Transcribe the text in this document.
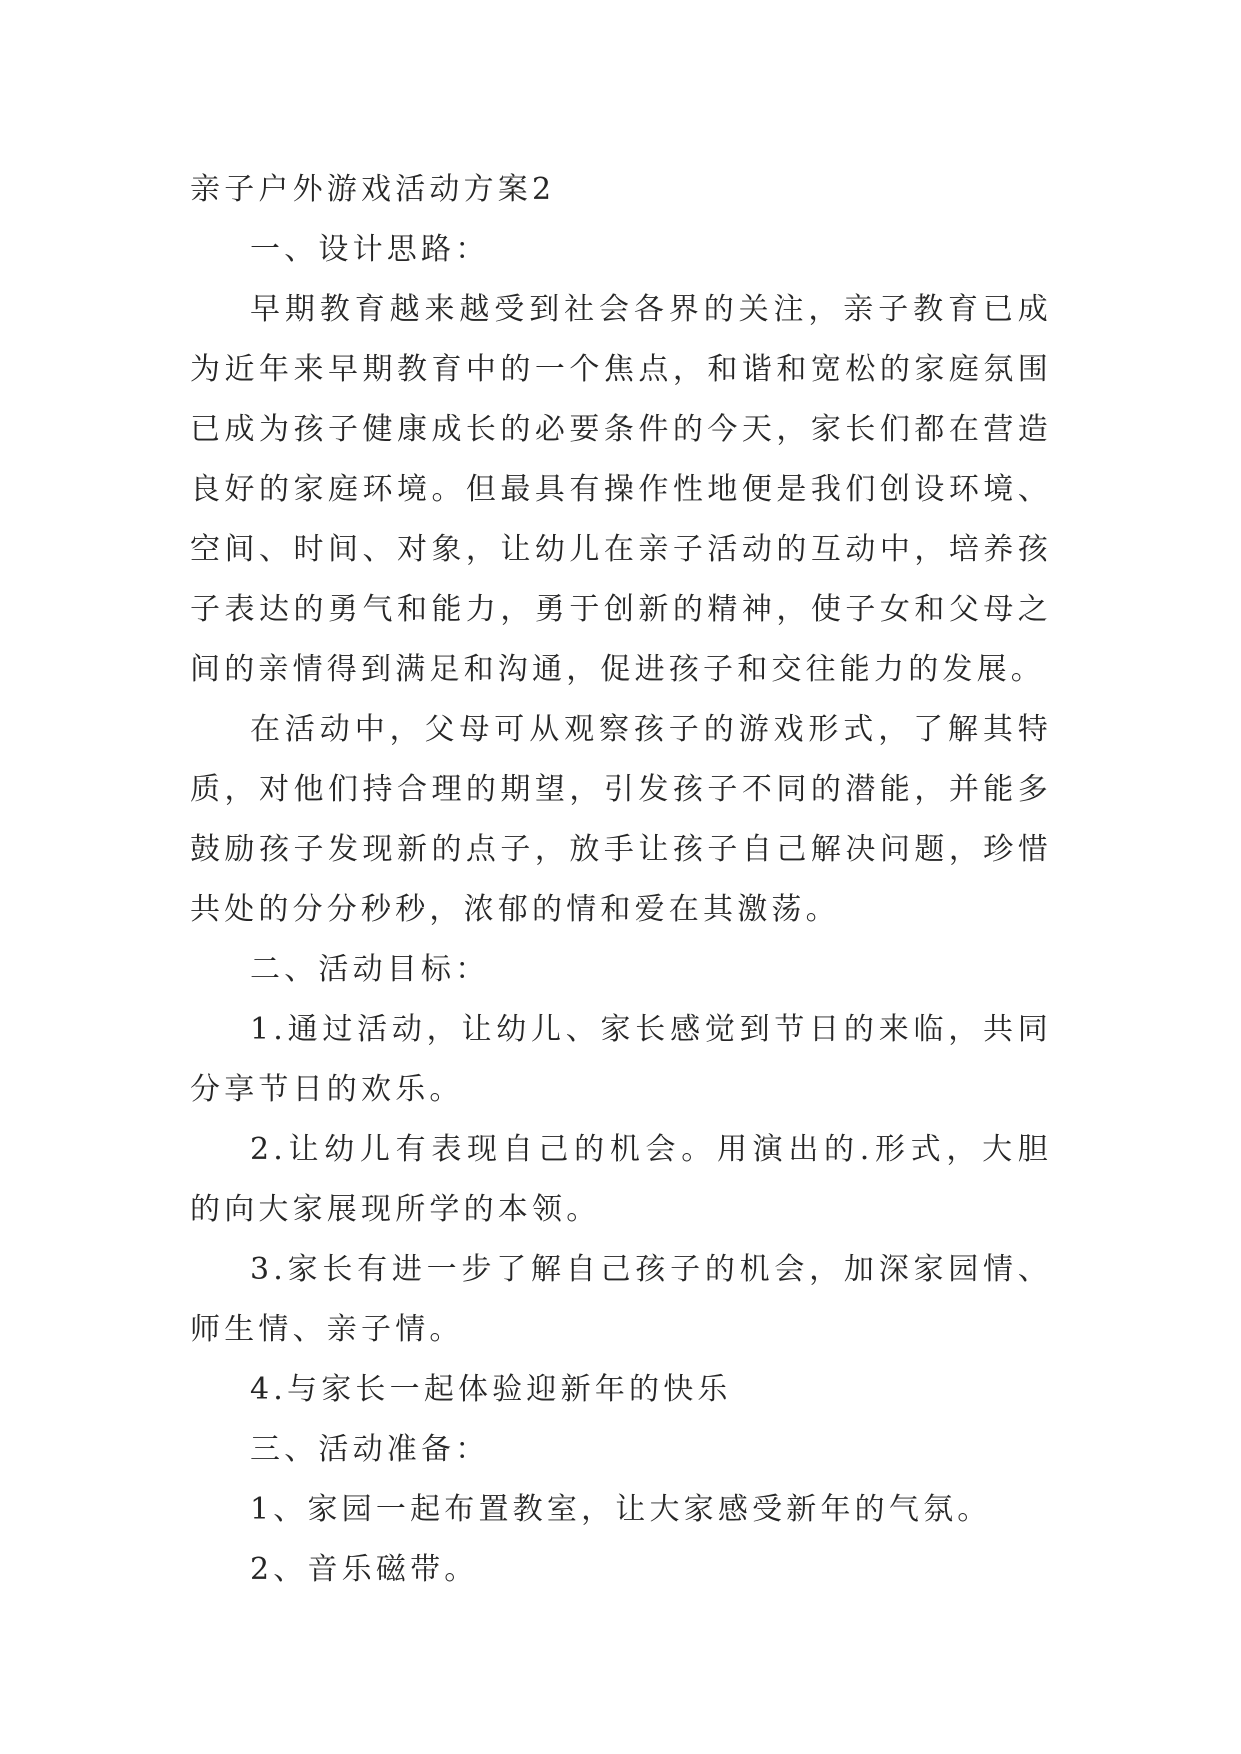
亲子户外游戏活动方案2

一、设计思路：

早期教育越来越受到社会各界的关注，亲子教育已成为近年来早期教育中的一个焦点，和谐和宽松的家庭氛围已成为孩子健康成长的必要条件的今天，家长们都在营造良好的家庭环境。但最具有操作性地便是我们创设环境、空间、时间、对象，让幼儿在亲子活动的互动中，培养孩子表达的勇气和能力，勇于创新的精神，使子女和父母之间的亲情得到满足和沟通，促进孩子和交往能力的发展。

在活动中，父母可从观察孩子的游戏形式，了解其特质，对他们持合理的期望，引发孩子不同的潜能，并能多鼓励孩子发现新的点子，放手让孩子自己解决问题，珍惜共处的分分秒秒，浓郁的情和爱在其激荡。

二、活动目标：

1.通过活动，让幼儿、家长感觉到节日的来临，共同分享节日的欢乐。

2.让幼儿有表现自己的机会。用演出的.形式，大胆的向大家展现所学的本领。

3.家长有进一步了解自己孩子的机会，加深家园情、师生情、亲子情。

4.与家长一起体验迎新年的快乐

三、活动准备：

1、家园一起布置教室，让大家感受新年的气氛。

2、音乐磁带。
